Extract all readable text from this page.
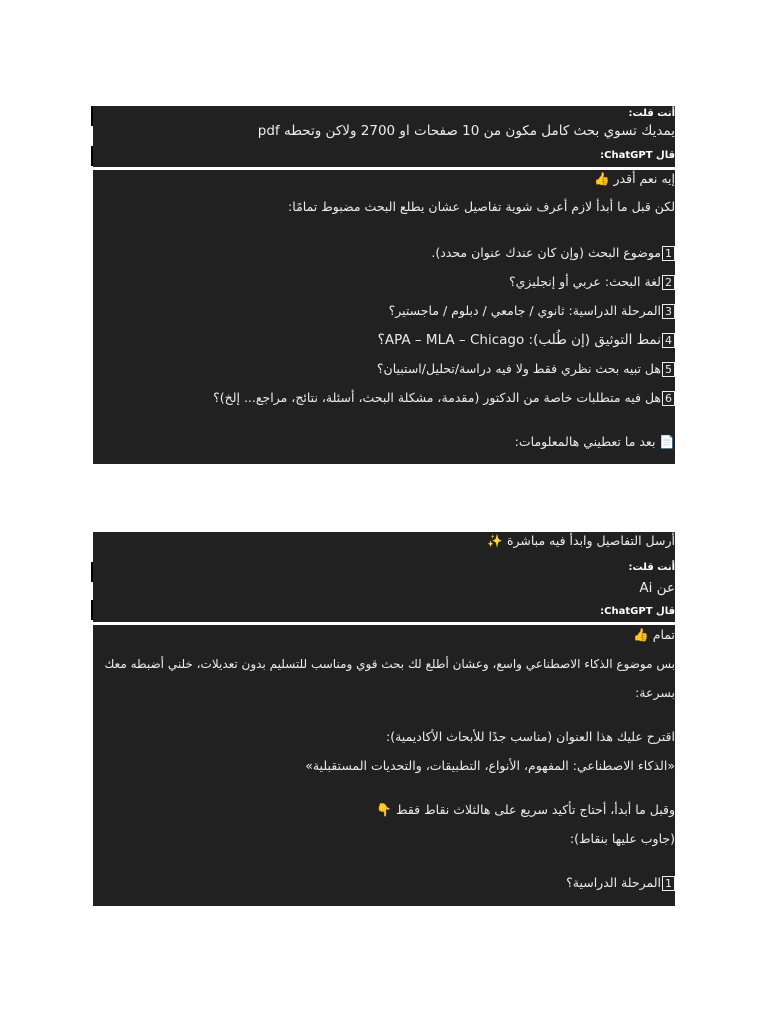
أنت قلت:
يمديك تسوي بحث كامل مكون من 10 صفحات او 2700 ولاكن وتحطه pdf
قال ChatGPT:
إيه نعم أقدر 👍
لكن قبل ما أبدأ لازم أعرف شوية تفاصيل عشان يطلع البحث مضبوط تمامًا:
1موضوع البحث (وإن كان عندك عنوان محدد).
2لغة البحث: عربي أو إنجليزي؟
3المرحلة الدراسية: ثانوي / جامعي / دبلوم / ماجستير؟
4نمط التوثيق (إن طُلب): APA – MLA – Chicago؟
5هل تبيه بحث نظري فقط ولا فيه دراسة/تحليل/استبيان؟
6هل فيه متطلبات خاصة من الدكتور (مقدمة، مشكلة البحث، أسئلة، نتائج، مراجع... إلخ)؟
📄 بعد ما تعطيني هالمعلومات:
أرسل التفاصيل وابدأ فيه مباشرة ✨
أنت قلت:
عن Ai
قال ChatGPT:
تمام 👍
بس موضوع الذكاء الاصطناعي واسع، وعشان أطلع لك بحث قوي ومناسب للتسليم بدون تعديلات، خلني أضبطه معك
بسرعة:
اقترح عليك هذا العنوان (مناسب جدًا للأبحاث الأكاديمية):
«الذكاء الاصطناعي: المفهوم، الأنواع، التطبيقات، والتحديات المستقبلية»
وقبل ما أبدأ، أحتاج تأكيد سريع على هالثلاث نقاط فقط 👇
(جاوب عليها بنقاط):
1المرحلة الدراسية؟
